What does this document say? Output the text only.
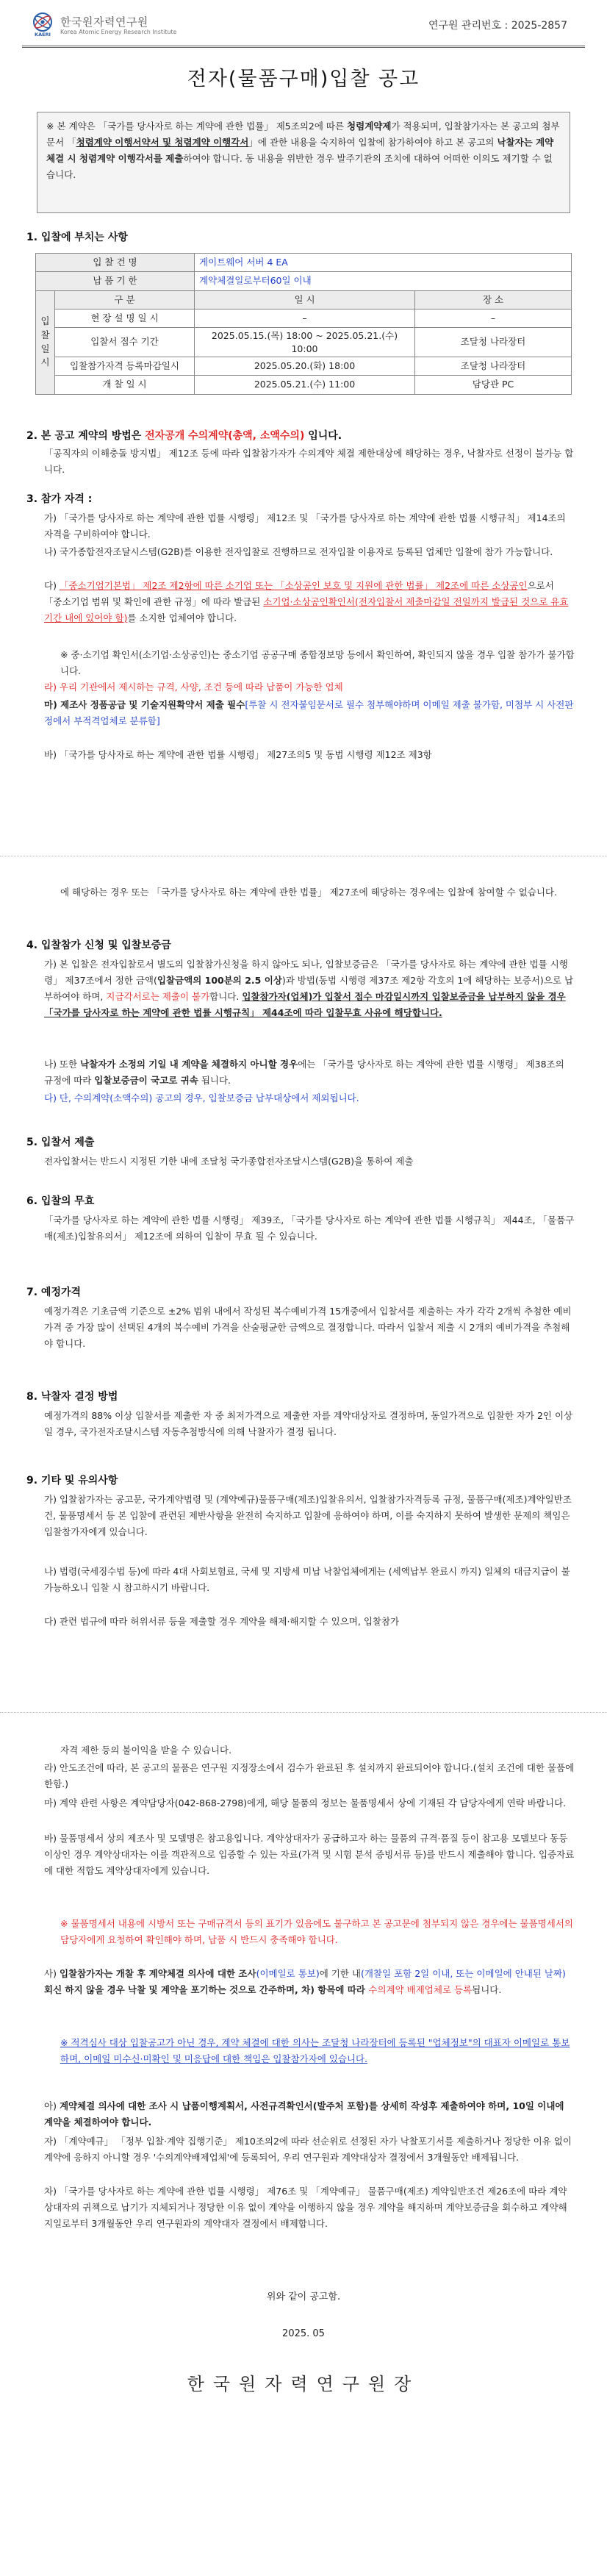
KAERI
한국원자력연구원
Korea Atomic Energy Research Institute
연구원 관리번호 : 2025-2857
전자(물품구매)입찰 공고
※ 본 계약은 「국가를 당사자로 하는 계약에 관한 법률」 제5조의2에 따른 청렴계약제가 적용되며, 입찰참가자는 본 공고의 첨부문서 「청렴계약 이행서약서 및 청렴계약 이행각서」에 관한 내용을 숙지하여 입찰에 참가하여야 하고 본 공고의 낙찰자는 계약체결 시 청렴계약 이행각서를 제출하여야 합니다. 동 내용을 위반한 경우 발주기관의 조치에 대하여 어떠한 이의도 제기할 수 없습니다.
1. 입찰에 부치는 사항
입 찰 건 명		게이트웨어 서버 4 EA	
납 품 기 한		계약체결일로부터60일 이내	

입
찰
일
시	구 분	일 시	장 소
	현 장 설 명 일 시	–	–
	입찰서 접수 기간	2025.05.15.(목) 18:00 ~ 2025.05.21.(수) 10:00	조달청 나라장터
	입찰참가자격 등록마감일시	2025.05.20.(화) 18:00	조달청 나라장터
	개 찰 일 시	2025.05.21.(수) 11:00	담당관 PC
2. 본 공고 계약의 방법은 전자공개 수의계약(총액, 소액수의) 입니다.
「공직자의 이해충돌 방지법」 제12조 등에 따라 입찰참가자가 수의계약 체결 제한대상에 해당하는 경우, 낙찰자로 선정이 불가능 합니다.
3. 참가 자격 :
가) 「국가를 당사자로 하는 계약에 관한 법률 시행령」 제12조 및 「국가를 당사자로 하는 계약에 관한 법률 시행규칙」 제14조의 자격을 구비하여야 합니다.
나) 국가종합전자조달시스템(G2B)를 이용한 전자입찰로 진행하므로 전자입찰 이용자로 등록된 업체만 입찰에 참가 가능합니다.
다) 「중소기업기본법」 제2조 제2항에 따른 소기업 또는 「소상공인 보호 및 지원에 관한 법률」 제2조에 따른 소상공인으로서 「중소기업 범위 및 확인에 관한 규정」에 따라 발급된 소기업·소상공인확인서(전자입찰서 제출마감일 전일까지 발급된 것으로 유효기간 내에 있어야 함)를 소지한 업체여야 합니다.
※ 중·소기업 확인서(소기업·소상공인)는 중소기업 공공구매 종합정보망 등에서 확인하여, 확인되지 않을 경우 입찰 참가가 불가합니다.
라) 우리 기관에서 제시하는 규격, 사양, 조건 등에 따라 납품이 가능한 업체
마) 제조사 정품공급 및 기술지원확약서 제출 필수[투찰 시 전자붙임문서로 필수 첨부해야하며 이메일 제출 불가함, 미첨부 시 사전판정에서 부적격업체로 분류함]
바) 「국가를 당사자로 하는 계약에 관한 법률 시행령」 제27조의5 및 동법 시행령 제12조 제3항
에 해당하는 경우 또는 「국가를 당사자로 하는 계약에 관한 법률」 제27조에 해당하는 경우에는 입찰에 참여할 수 없습니다.
4. 입찰참가 신청 및 입찰보증금
가) 본 입찰은 전자입찰로서 별도의 입찰참가신청을 하지 않아도 되나, 입찰보증금은 「국가를 당사자로 하는 계약에 관한 법률 시행령」 제37조에서 정한 금액(입찰금액의 100분의 2.5 이상)과 방법(동법 시행령 제37조 제2항 각호의 1에 해당하는 보증서)으로 납부하여야 하며, 지급각서로는 제출이 불가합니다. 입찰참가자(업체)가 입찰서 접수 마감일시까지 입찰보증금을 납부하지 않을 경우 「국가를 당사자로 하는 계약에 관한 법률 시행규칙」 제44조에 따라 입찰무효 사유에 해당합니다.
나) 또한 낙찰자가 소정의 기일 내 계약을 체결하지 아니할 경우에는 「국가를 당사자로 하는 계약에 관한 법률 시행령」 제38조의 규정에 따라 입찰보증금이 국고로 귀속 됩니다.
다) 단, 수의계약(소액수의) 공고의 경우, 입찰보증금 납부대상에서 제외됩니다.
5. 입찰서 제출
전자입찰서는 반드시 지정된 기한 내에 조달청 국가종합전자조달시스템(G2B)을 통하여 제출
6. 입찰의 무효
「국가를 당사자로 하는 계약에 관한 법률 시행령」 제39조, 「국가를 당사자로 하는 계약에 관한 법률 시행규칙」 제44조, 「물품구매(제조)입찰유의서」 제12조에 의하여 입찰이 무효 될 수 있습니다.
7. 예정가격
예정가격은 기초금액 기준으로 ±2% 범위 내에서 작성된 복수예비가격 15개중에서 입찰서를 제출하는 자가 각각 2개씩 추첨한 예비가격 중 가장 많이 선택된 4개의 복수예비 가격을 산술평균한 금액으로 결정합니다. 따라서 입찰서 제출 시 2개의 예비가격을 추첨해야 합니다.
8. 낙찰자 결정 방법
예정가격의 88% 이상 입찰서를 제출한 자 중 최저가격으로 제출한 자를 계약대상자로 결정하며, 동일가격으로 입찰한 자가 2인 이상일 경우, 국가전자조달시스템 자동추첨방식에 의해 낙찰자가 결정 됩니다.
9. 기타 및 유의사항
가) 입찰참가자는 공고문, 국가계약법령 및 (계약예규)물품구매(제조)입찰유의서, 입찰참가자격등록 규정, 물품구매(제조)계약일반조건, 물품명세서 등 본 입찰에 관련된 제반사항을 완전히 숙지하고 입찰에 응하여야 하며, 이를 숙지하지 못하여 발생한 문제의 책임은 입찰참가자에게 있습니다.
나) 법령(국세징수법 등)에 따라 4대 사회보험료, 국세 및 지방세 미납 낙찰업체에게는 (세액납부 완료시 까지) 일체의 대금지급이 불가능하오니 입찰 시 참고하시기 바랍니다.
다) 관련 법규에 따라 허위서류 등을 제출할 경우 계약을 해제·해지할 수 있으며, 입찰참가
자격 제한 등의 불이익을 받을 수 있습니다.
라) 안도조건에 따라, 본 공고의 물품은 연구원 지정장소에서 검수가 완료된 후 설치까지 완료되어야 합니다.(설치 조건에 대한 물품에 한함.)
마) 계약 관련 사항은 계약담당자(042-868-2798)에게, 해당 물품의 정보는 물품명세서 상에 기재된 각 담당자에게 연락 바랍니다.
바) 물품명세서 상의 제조사 및 모델명은 참고용입니다. 계약상대자가 공급하고자 하는 물품의 규격·품질 등이 참고용 모델보다 동등 이상인 경우 계약상대자는 이를 객관적으로 입증할 수 있는 자료(가격 및 시험 분석 증빙서류 등)를 반드시 제출해야 합니다. 입증자료에 대한 적합도 계약상대자에게 있습니다.
※ 물품명세서 내용에 시방서 또는 구매규격서 등의 표기가 있음에도 불구하고 본 공고문에 첨부되지 않은 경우에는 물품명세서의 담당자에게 요청하여 확인해야 하며, 납품 시 반드시 충족해야 합니다.
사) 입찰참가자는 개찰 후 계약체결 의사에 대한 조사(이메일로 통보)에 기한 내(개찰일 포함 2일 이내, 또는 이메일에 안내된 날짜) 회신 하지 않을 경우 낙찰 및 계약을 포기하는 것으로 간주하며, 차) 항목에 따라 수의계약 배제업체로 등록됩니다.
※ 적격심사 대상 입찰공고가 아닌 경우, 계약 체결에 대한 의사는 조달청 나라장터에 등록된 "업체정보"의 대표자 이메일로 통보하며, 이메일 미수신·미확인 및 미응답에 대한 책임은 입찰참가자에 있습니다.
아) 계약체결 의사에 대한 조사 시 납품이행계획서, 사전규격확인서(발주처 포함)를 상세히 작성후 제출하여야 하며, 10일 이내에 계약을 체결하여야 합니다.
자) 「계약예규」 「정부 입찰·계약 집행기준」 제10조의2에 따라 선순위로 선정된 자가 낙찰포기서를 제출하거나 정당한 이유 없이 계약에 응하지 아니할 경우 '수의계약배제업체'에 등록되어, 우리 연구원과 계약대상자 결정에서 3개월동안 배제됩니다.
차) 「국가를 당사자로 하는 계약에 관한 법률 시행령」 제76조 및 「계약예규」 물품구매(제조) 계약일반조건 제26조에 따라 계약상대자의 귀책으로 납기가 지체되거나 정당한 이유 없이 계약을 이행하지 않을 경우 계약을 해지하며 계약보증금을 회수하고 계약해지일로부터 3개월동안 우리 연구원과의 계약대자 결정에서 배제합니다.
위와 같이 공고함.
2025. 05
한국원자력연구원장
